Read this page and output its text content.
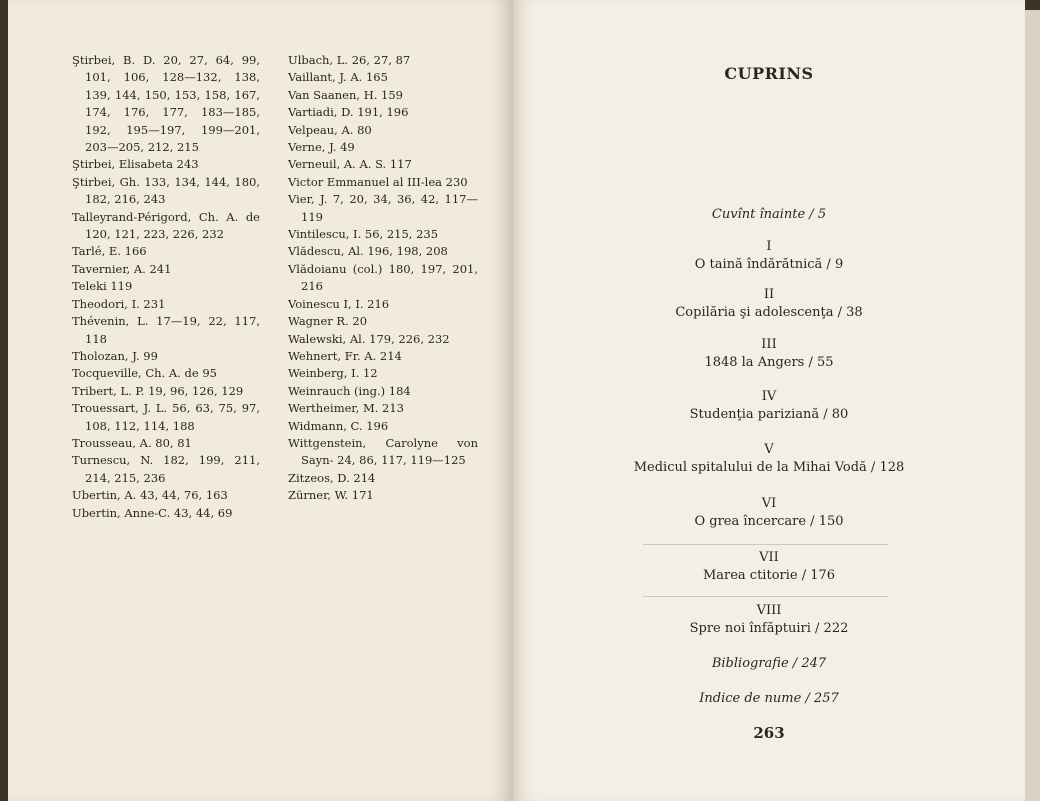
Ştirbei, B. D. 20, 27, 64, 99, 101, 106, 128—132, 138, 139, 144, 150, 153, 158, 167, 174, 176, 177, 183—185, 192, 195—197, 199—201, 203—205, 212, 215

Ştirbei, Elisabeta 243

Ştirbei, Gh. 133, 134, 144, 180, 182, 216, 243

Talleyrand-Périgord, Ch. A. de 120, 121, 223, 226, 232

Tarlé, E. 166

Tavernier, A. 241

Teleki 119

Theodori, I. 231

Thévenin, L. 17—19, 22, 117, 118

Tholozan, J. 99

Tocqueville, Ch. A. de 95

Tribert, L. P. 19, 96, 126, 129

Trouessart, J. L. 56, 63, 75, 97, 108, 112, 114, 188

Trousseau, A. 80, 81

Turnescu, N. 182, 199, 211, 214, 215, 236

Ubertin, A. 43, 44, 76, 163

Ubertin, Anne-C. 43, 44, 69

Ulbach, L. 26, 27, 87

Vaillant, J. A. 165

Van Saanen, H. 159

Vartiadi, D. 191, 196

Velpeau, A. 80

Verne, J. 49

Verneuil, A. A. S. 117

Victor Emmanuel al III-lea 230

Vier, J. 7, 20, 34, 36, 42, 117—119

Vintilescu, I. 56, 215, 235

Vlădescu, Al. 196, 198, 208

Vlădoianu (col.) 180, 197, 201, 216

Voinescu I, I. 216

Wagner R. 20

Walewski, Al. 179, 226, 232

Wehnert, Fr. A. 214

Weinberg, I. 12

Weinrauch (ing.) 184

Wertheimer, M. 213

Widmann, C. 196

Wittgenstein, Carolyne von Sayn- 24, 86, 117, 119—125

Zitzeos, D. 214

Zürner, W. 171

CUPRINS
Cuvînt înainte / 5
I
O taină îndărătnică / 9
II
Copilăria şi adolescenţa / 38
III
1848 la Angers / 55
IV
Studenţia pariziană / 80
V
Medicul spitalului de la Mihai Vodă / 128
VI
O grea încercare / 150
VII
Marea ctitorie / 176
VIII
Spre noi înfăptuiri / 222
Bibliografie / 247
Indice de nume / 257
263
